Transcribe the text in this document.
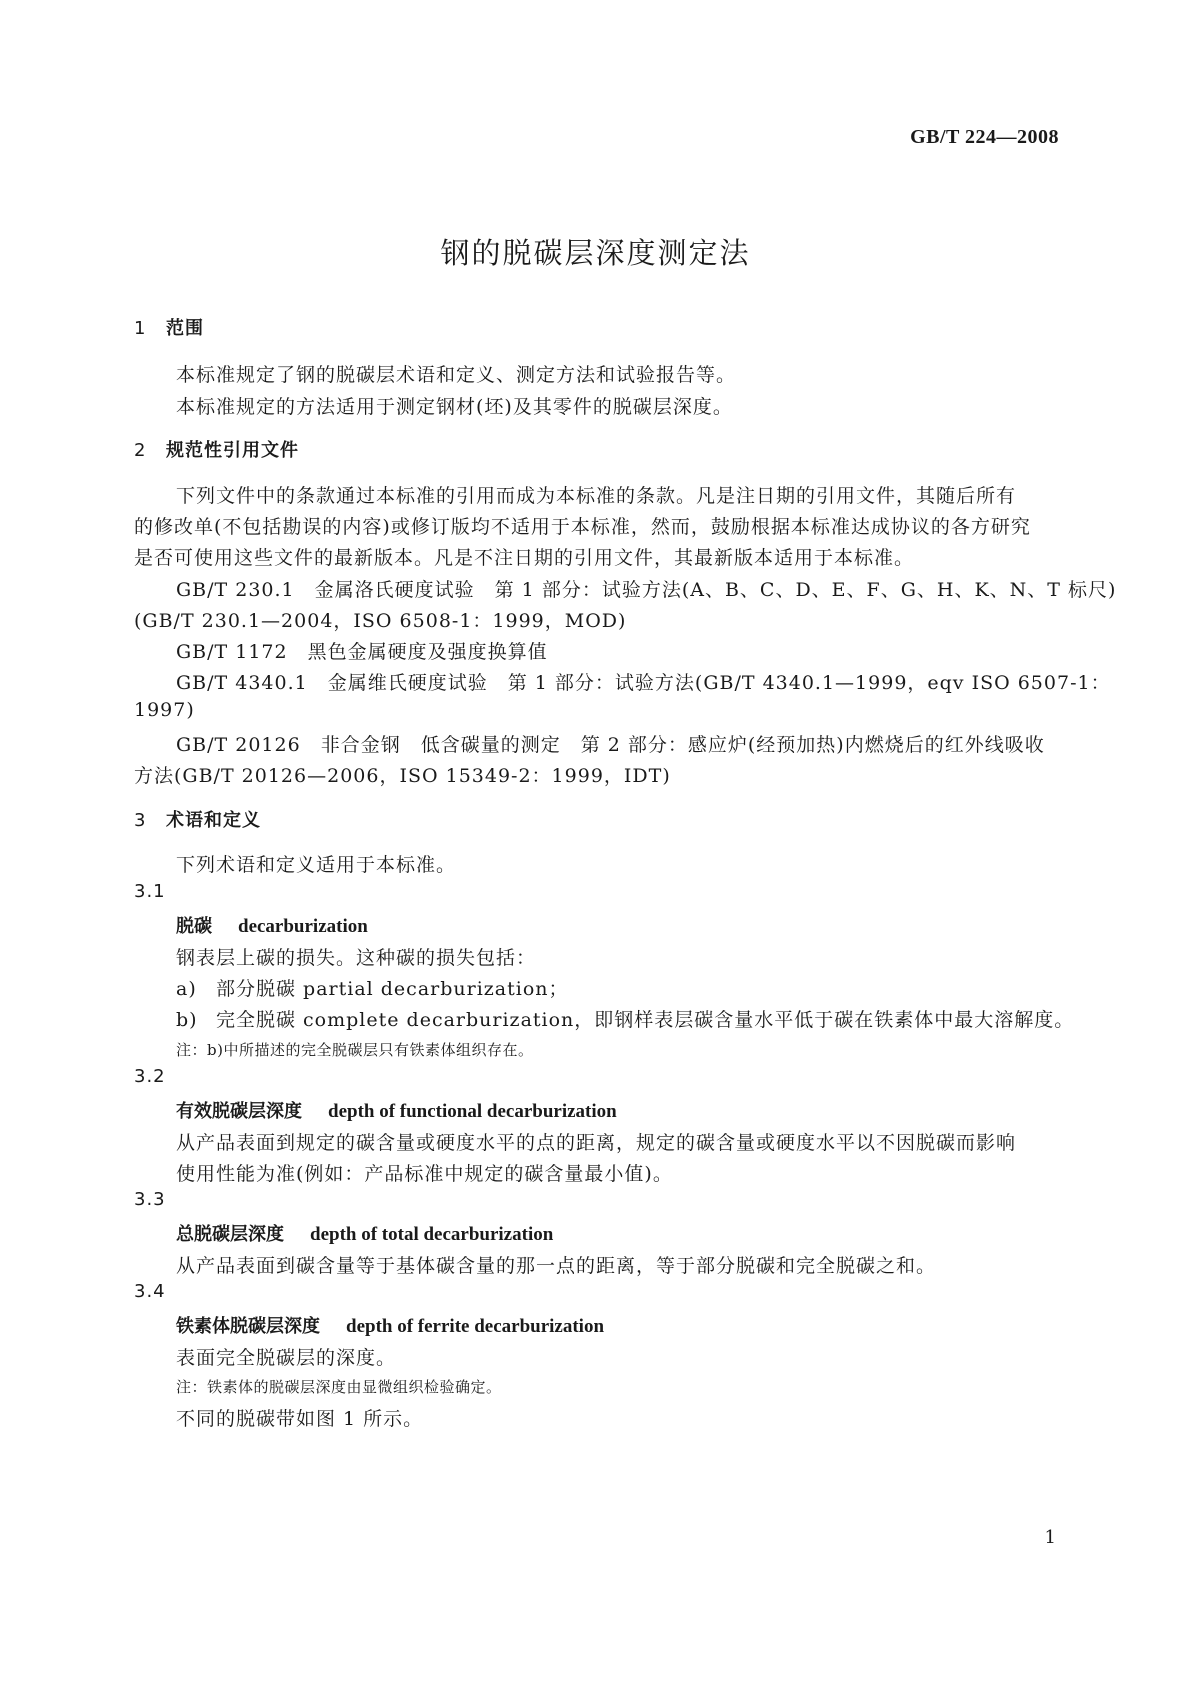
GB/T 224—2008
钢的脱碳层深度测定法
1 范围
本标准规定了钢的脱碳层术语和定义、测定方法和试验报告等。
本标准规定的方法适用于测定钢材(坯)及其零件的脱碳层深度。
2 规范性引用文件
下列文件中的条款通过本标准的引用而成为本标准的条款。凡是注日期的引用文件，其随后所有
的修改单(不包括勘误的内容)或修订版均不适用于本标准，然而，鼓励根据本标准达成协议的各方研究
是否可使用这些文件的最新版本。凡是不注日期的引用文件，其最新版本适用于本标准。
GB/T 230.1　金属洛氏硬度试验　第 1 部分：试验方法(A、B、C、D、E、F、G、H、K、N、T 标尺)
(GB/T 230.1—2004，ISO 6508-1：1999，MOD)
GB/T 1172　黑色金属硬度及强度换算值
GB/T 4340.1　金属维氏硬度试验　第 1 部分：试验方法(GB/T 4340.1—1999，eqv ISO 6507-1：
1997)
GB/T 20126　非合金钢　低含碳量的测定　第 2 部分：感应炉(经预加热)内燃烧后的红外线吸收
方法(GB/T 20126—2006，ISO 15349-2：1999，IDT)
3 术语和定义
下列术语和定义适用于本标准。
3.1
脱碳 decarburization
钢表层上碳的损失。这种碳的损失包括：
a) 部分脱碳 partial decarburization；
b) 完全脱碳 complete decarburization，即钢样表层碳含量水平低于碳在铁素体中最大溶解度。
注：b)中所描述的完全脱碳层只有铁素体组织存在。
3.2
有效脱碳层深度 depth of functional decarburization
从产品表面到规定的碳含量或硬度水平的点的距离，规定的碳含量或硬度水平以不因脱碳而影响
使用性能为准(例如：产品标准中规定的碳含量最小值)。
3.3
总脱碳层深度 depth of total decarburization
从产品表面到碳含量等于基体碳含量的那一点的距离，等于部分脱碳和完全脱碳之和。
3.4
铁素体脱碳层深度 depth of ferrite decarburization
表面完全脱碳层的深度。
注：铁素体的脱碳层深度由显微组织检验确定。
不同的脱碳带如图 1 所示。
1
